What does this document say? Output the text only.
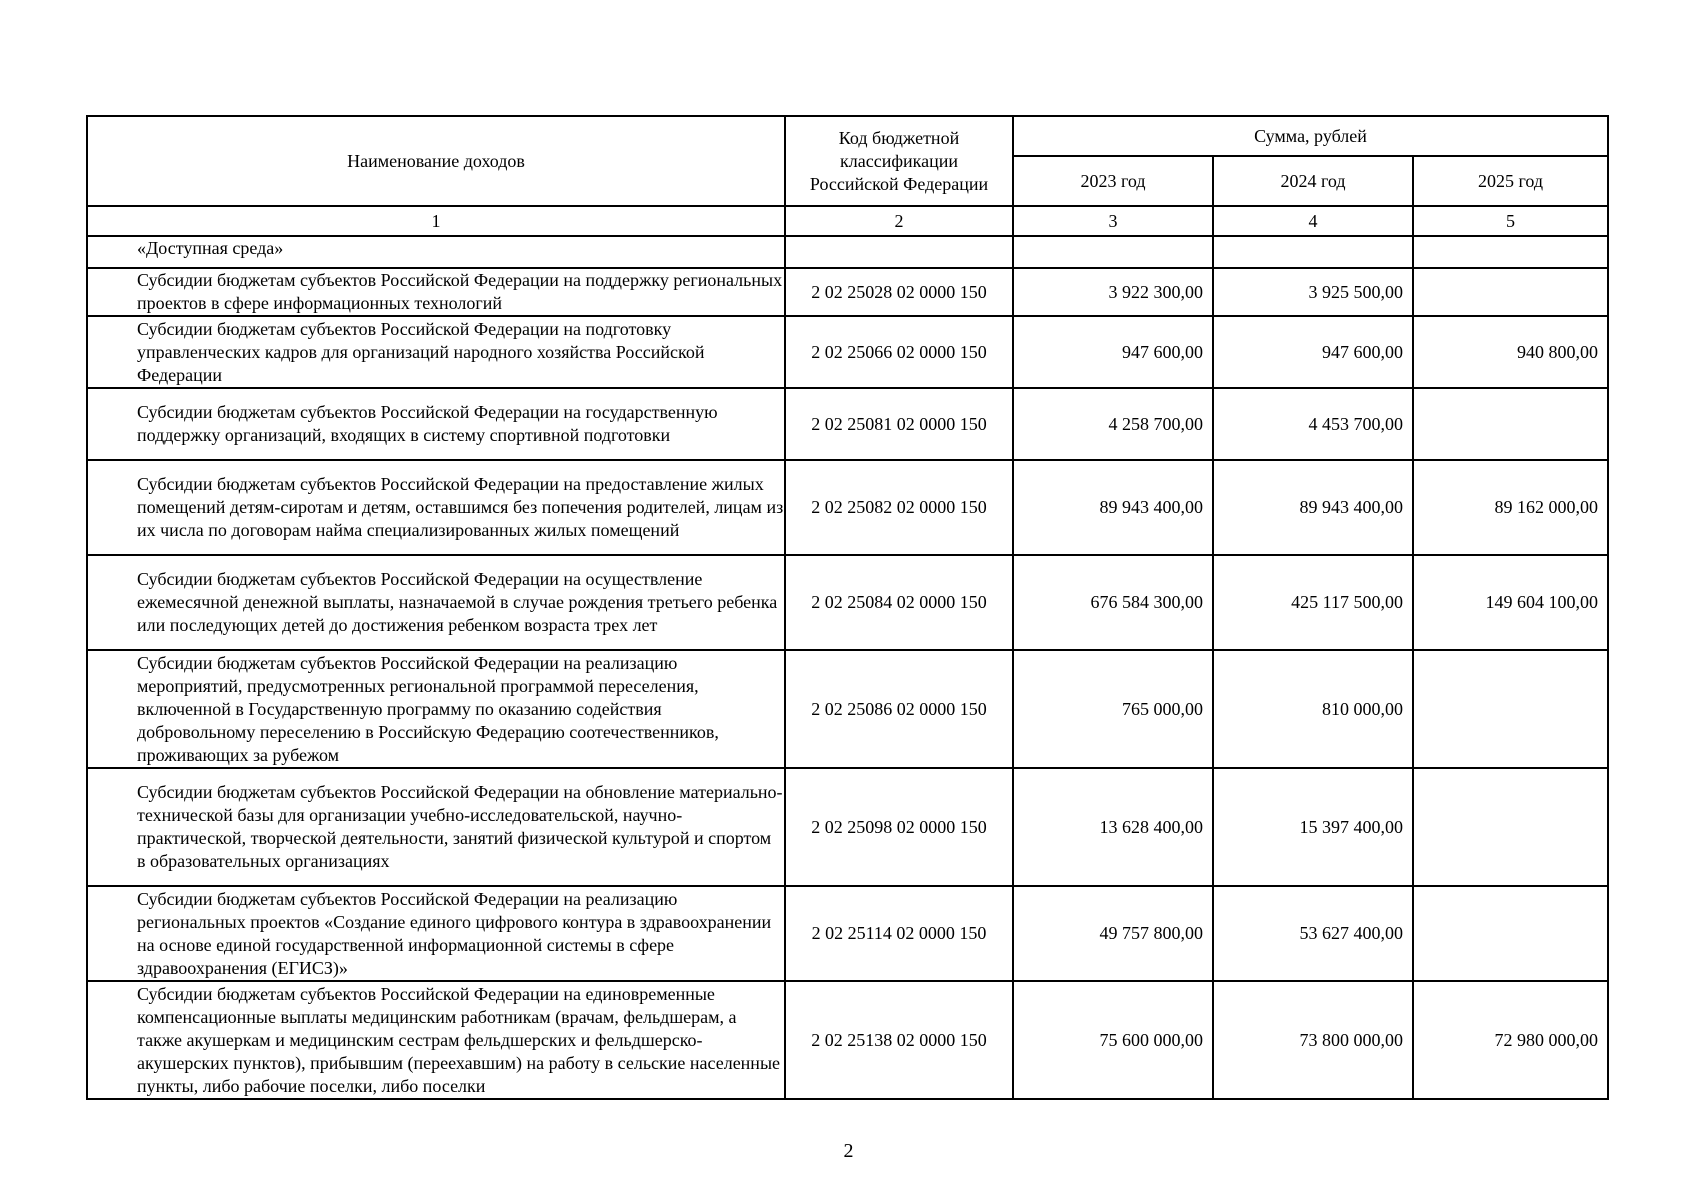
Наименование доходов	Код бюджетной классификации Российской Федерации	Сумма, рублей		
		2023 год	2024 год	2025 год
1	2	3	4	5
«Доступная среда»				
Субсидии бюджетам субъектов Российской Федерации на поддержку региональных проектов в сфере информационных технологий	2 02 25028 02 0000 150	3 922 300,00	3 925 500,00	
Субсидии бюджетам субъектов Российской Федерации на подготовку управленческих кадров для организаций народного хозяйства Российской Федерации	2 02 25066 02 0000 150	947 600,00	947 600,00	940 800,00
Субсидии бюджетам субъектов Российской Федерации на государственную поддержку организаций, входящих в систему спортивной подготовки	2 02 25081 02 0000 150	4 258 700,00	4 453 700,00	
Субсидии бюджетам субъектов Российской Федерации на предоставление жилых помещений детям-сиротам и детям, оставшимся без попечения родителей, лицам из их числа по договорам найма специализированных жилых помещений	2 02 25082 02 0000 150	89 943 400,00	89 943 400,00	89 162 000,00
Субсидии бюджетам субъектов Российской Федерации на осуществление ежемесячной денежной выплаты, назначаемой в случае рождения третьего ребенка или последующих детей до достижения ребенком возраста трех лет	2 02 25084 02 0000 150	676 584 300,00	425 117 500,00	149 604 100,00
Субсидии бюджетам субъектов Российской Федерации на реализацию мероприятий, предусмотренных региональной программой переселения, включенной в Государственную программу по оказанию содействия добровольному переселению в Российскую Федерацию соотечественников, проживающих за рубежом	2 02 25086 02 0000 150	765 000,00	810 000,00	
Субсидии бюджетам субъектов Российской Федерации на обновление материально-технической базы для организации учебно-исследовательской, научно-практической, творческой деятельности, занятий физической культурой и спортом в образовательных организациях	2 02 25098 02 0000 150	13 628 400,00	15 397 400,00	
Субсидии бюджетам субъектов Российской Федерации на реализацию региональных проектов «Создание единого цифрового контура в здравоохранении на основе единой государственной информационной системы в сфере здравоохранения (ЕГИСЗ)»	2 02 25114 02 0000 150	49 757 800,00	53 627 400,00	
Субсидии бюджетам субъектов Российской Федерации на единовременные компенсационные выплаты медицинским работникам (врачам, фельдшерам, а также акушеркам и медицинским сестрам фельдшерских и фельдшерско-акушерских пунктов), прибывшим (переехавшим) на работу в сельские населенные пункты, либо рабочие поселки, либо поселки	2 02 25138 02 0000 150	75 600 000,00	73 800 000,00	72 980 000,00
2
